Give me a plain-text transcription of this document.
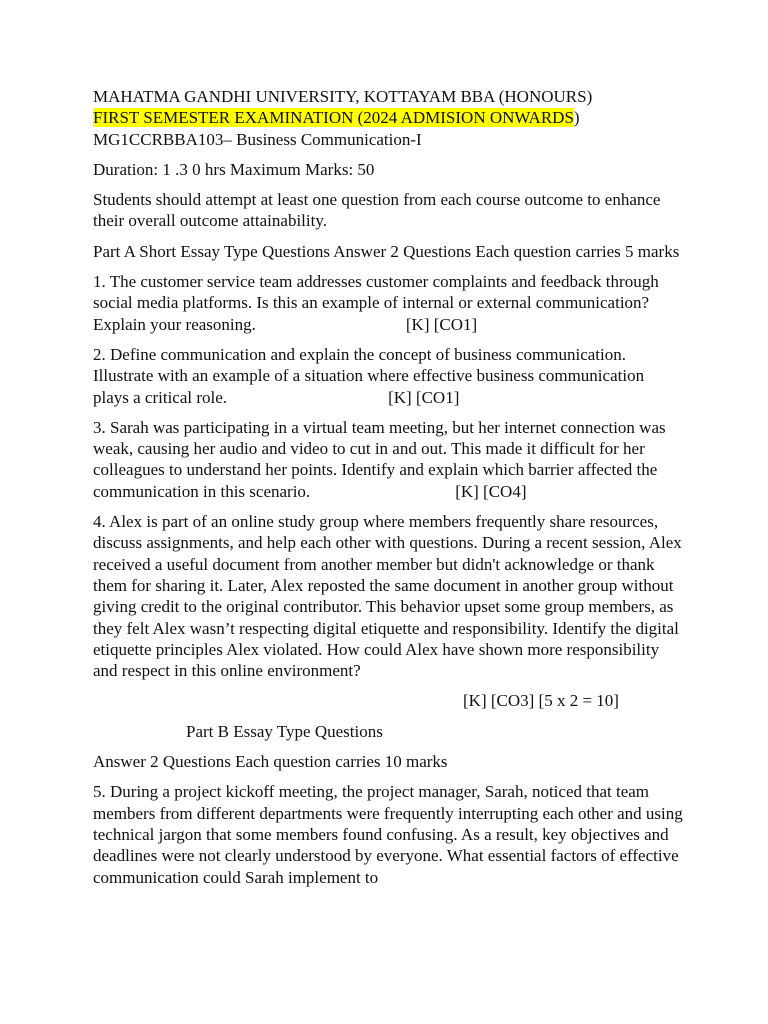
MAHATMA GANDHI UNIVERSITY, KOTTAYAM BBA (HONOURS)
FIRST SEMESTER EXAMINATION (2024 ADMISION ONWARDS)
MG1CCRBBA103– Business Communication-I

Duration: 1 .3 0 hrs Maximum Marks: 50

Students should attempt at least one question from each course outcome to enhance their overall outcome attainability.

Part A Short Essay Type Questions Answer 2 Questions Each question carries 5 marks

1. The customer service team addresses customer complaints and feedback through social media platforms. Is this an example of internal or external communication? Explain your reasoning.	[K] [CO1]

2. Define communication and explain the concept of business communication. Illustrate with an example of a situation where effective business communication plays a critical role.	[K] [CO1]

3. Sarah was participating in a virtual team meeting, but her internet connection was weak, causing her audio and video to cut in and out. This made it difficult for her colleagues to understand her points. Identify and explain which barrier affected the communication in this scenario.	[K] [CO4]

4. Alex is part of an online study group where members frequently share resources, discuss assignments, and help each other with questions. During a recent session, Alex received a useful document from another member but didn't acknowledge or thank them for sharing it. Later, Alex reposted the same document in another group without giving credit to the original contributor. This behavior upset some group members, as they felt Alex wasn’t respecting digital etiquette and responsibility. Identify the digital etiquette principles Alex violated. How could Alex have shown more responsibility and respect in this online environment?

[K] [CO3] [5 x 2 = 10]

Part B Essay Type Questions

Answer 2 Questions Each question carries 10 marks

5. During a project kickoff meeting, the project manager, Sarah, noticed that team members from different departments were frequently interrupting each other and using technical jargon that some members found confusing. As a result, key objectives and deadlines were not clearly understood by everyone. What essential factors of effective communication could Sarah implement to
